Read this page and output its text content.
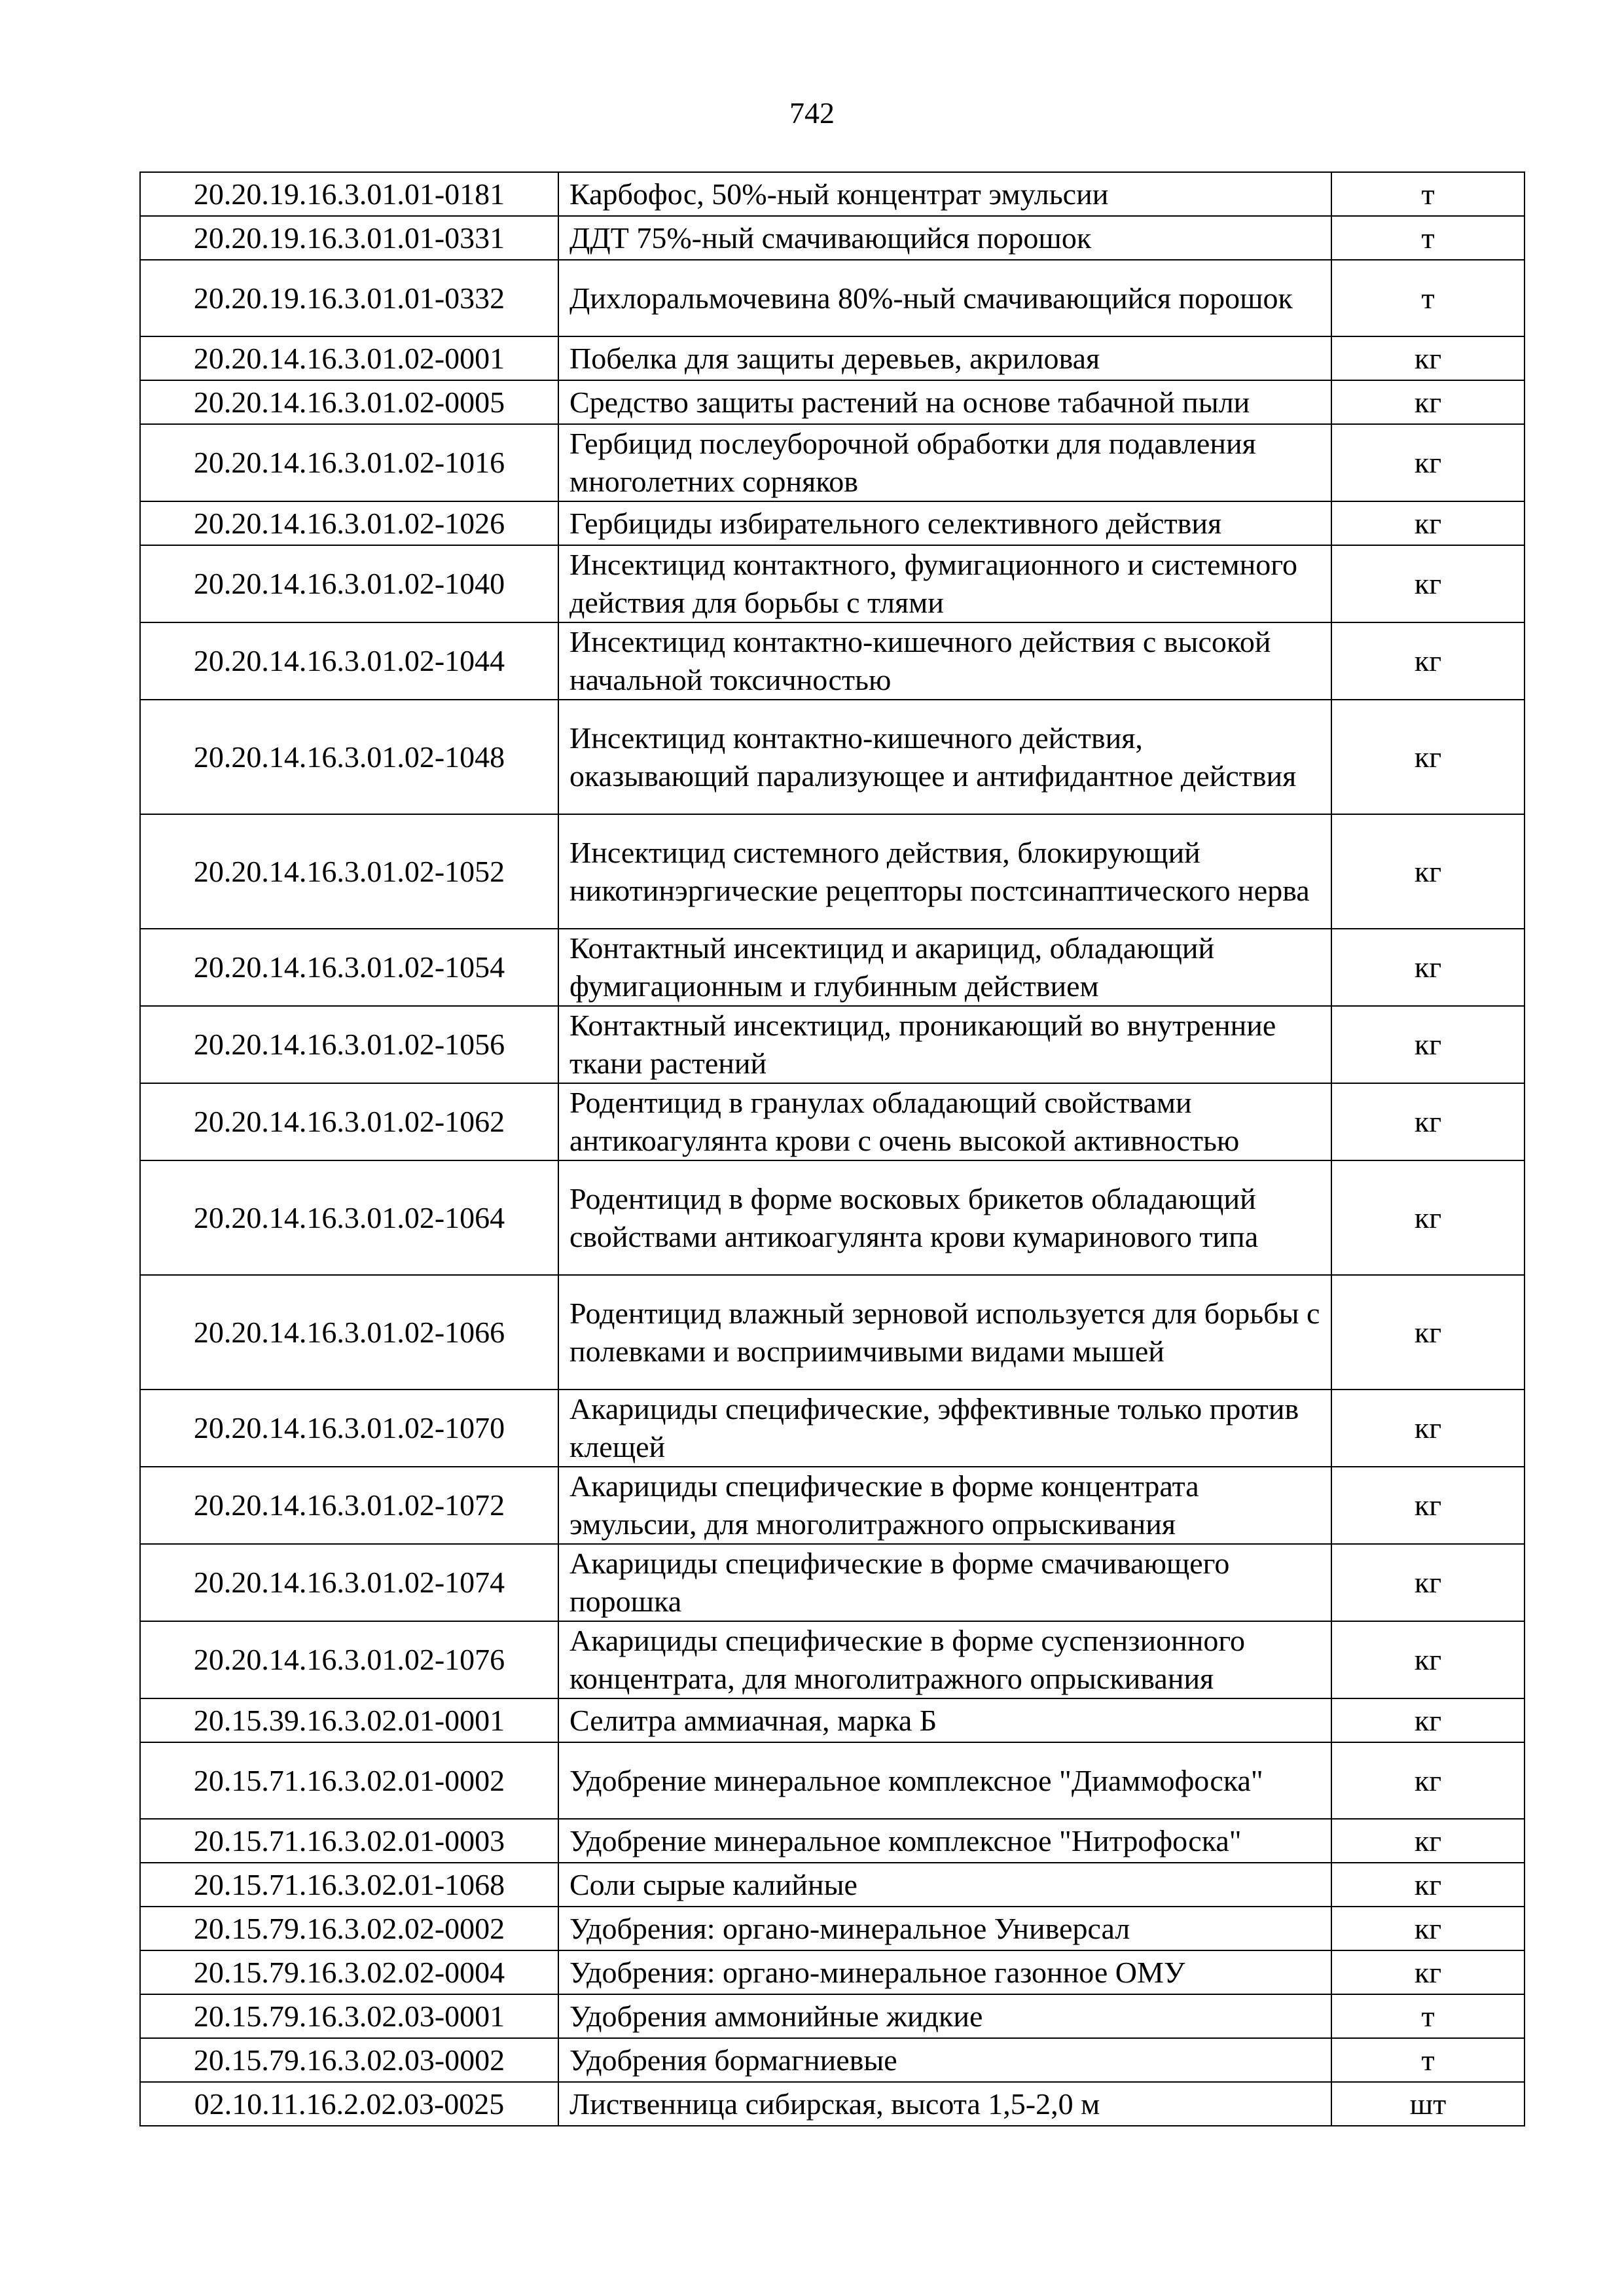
742
20.20.19.16.3.01.01-0181	Карбофос, 50%-ный концентрат эмульсии	т
20.20.19.16.3.01.01-0331	ДДТ 75%-ный смачивающийся порошок	т
20.20.19.16.3.01.01-0332	Дихлоральмочевина 80%-ный смачивающийся порошок	т
20.20.14.16.3.01.02-0001	Побелка для защиты деревьев, акриловая	кг
20.20.14.16.3.01.02-0005	Средство защиты растений на основе табачной пыли	кг
20.20.14.16.3.01.02-1016	Гербицид послеуборочной обработки для подавления многолетних сорняков	кг
20.20.14.16.3.01.02-1026	Гербициды избирательного селективного действия	кг
20.20.14.16.3.01.02-1040	Инсектицид контактного, фумигационного и системного действия для борьбы с тлями	кг
20.20.14.16.3.01.02-1044	Инсектицид контактно-кишечного действия с высокой начальной токсичностью	кг
20.20.14.16.3.01.02-1048	Инсектицид контактно-кишечного действия, оказывающий парализующее и антифидантное действия	кг
20.20.14.16.3.01.02-1052	Инсектицид системного действия, блокирующий никотинэргические рецепторы постсинаптического нерва	кг
20.20.14.16.3.01.02-1054	Контактный инсектицид и акарицид, обладающий фумигационным и глубинным действием	кг
20.20.14.16.3.01.02-1056	Контактный инсектицид, проникающий во внутренние ткани растений	кг
20.20.14.16.3.01.02-1062	Родентицид в гранулах обладающий свойствами антикоагулянта крови с очень высокой активностью	кг
20.20.14.16.3.01.02-1064	Родентицид в форме восковых брикетов обладающий свойствами антикоагулянта крови кумаринового типа	кг
20.20.14.16.3.01.02-1066	Родентицид влажный зерновой используется для борьбы с полевками и восприимчивыми видами мышей	кг
20.20.14.16.3.01.02-1070	Акарициды специфические, эффективные только против клещей	кг
20.20.14.16.3.01.02-1072	Акарициды специфические в форме концентрата эмульсии, для многолитражного опрыскивания	кг
20.20.14.16.3.01.02-1074	Акарициды специфические в форме смачивающего порошка	кг
20.20.14.16.3.01.02-1076	Акарициды специфические в форме суспензионного концентрата, для многолитражного опрыскивания	кг
20.15.39.16.3.02.01-0001	Селитра аммиачная, марка Б	кг
20.15.71.16.3.02.01-0002	Удобрение минеральное комплексное "Диаммофоска"	кг
20.15.71.16.3.02.01-0003	Удобрение минеральное комплексное "Нитрофоска"	кг
20.15.71.16.3.02.01-1068	Соли сырые калийные	кг
20.15.79.16.3.02.02-0002	Удобрения: органо-минеральное Универсал	кг
20.15.79.16.3.02.02-0004	Удобрения: органо-минеральное газонное ОМУ	кг
20.15.79.16.3.02.03-0001	Удобрения аммонийные жидкие	т
20.15.79.16.3.02.03-0002	Удобрения бормагниевые	т
02.10.11.16.2.02.03-0025	Лиственница сибирская, высота 1,5-2,0 м	шт
